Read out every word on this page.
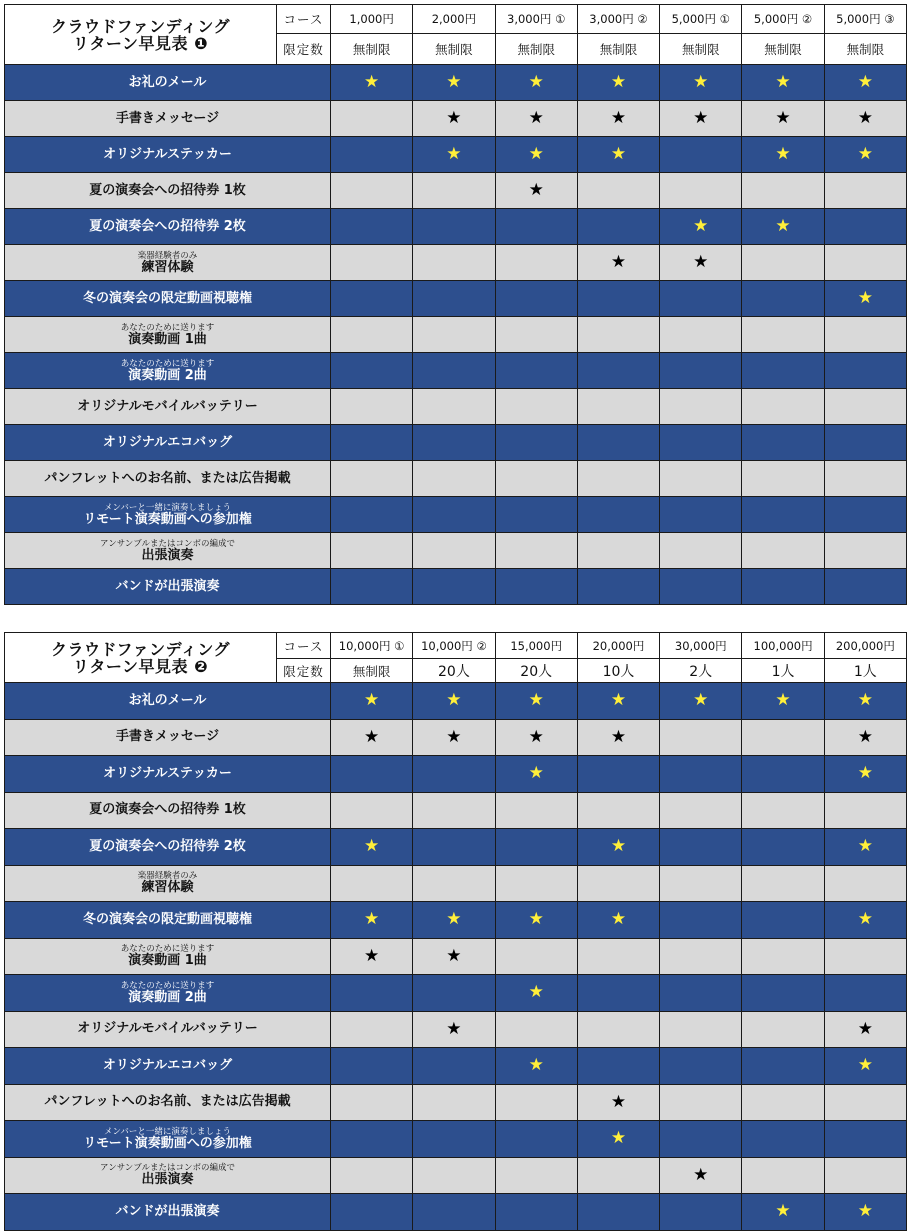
クラウドファンディング
リターン早見表 ❶	コース	1,000円	2,000円	3,000円 ①	3,000円 ②	5,000円 ①	5,000円 ②	5,000円 ③
	限定数	無制限	無制限	無制限	無制限	無制限	無制限	無制限

お礼のメール		★	★	★	★	★	★	★

手書きメッセージ			★	★	★	★	★	★

オリジナルステッカー			★	★	★		★	★

夏の演奏会への招待券 1枚				★				

夏の演奏会への招待券 2枚						★	★	

楽器経験者のみ
練習体験					★	★		

冬の演奏会の限定動画視聴権								★

あなたのために送ります
演奏動画 1曲								

あなたのために送ります
演奏動画 2曲								

オリジナルモバイルバッテリー								

オリジナルエコバッグ								

パンフレットへのお名前、または広告掲載								

メンバーと一緒に演奏しましょう
リモート演奏動画への参加権								

アンサンブルまたはコンボの編成で
出張演奏								

バンドが出張演奏								

クラウドファンディング
リターン早見表 ❷	コース	10,000円 ①	10,000円 ②	15,000円	20,000円	30,000円	100,000円	200,000円
	限定数	無制限	20人	20人	10人	2人	1人	1人

お礼のメール		★	★	★	★	★	★	★

手書きメッセージ		★	★	★	★			★

オリジナルステッカー				★				★

夏の演奏会への招待券 1枚								

夏の演奏会への招待券 2枚		★			★			★

楽器経験者のみ
練習体験								

冬の演奏会の限定動画視聴権		★	★	★	★			★

あなたのために送ります
演奏動画 1曲		★	★					

あなたのために送ります
演奏動画 2曲				★				

オリジナルモバイルバッテリー			★					★

オリジナルエコバッグ				★				★

パンフレットへのお名前、または広告掲載					★			

メンバーと一緒に演奏しましょう
リモート演奏動画への参加権					★			

アンサンブルまたはコンボの編成で
出張演奏						★		

バンドが出張演奏							★	★
